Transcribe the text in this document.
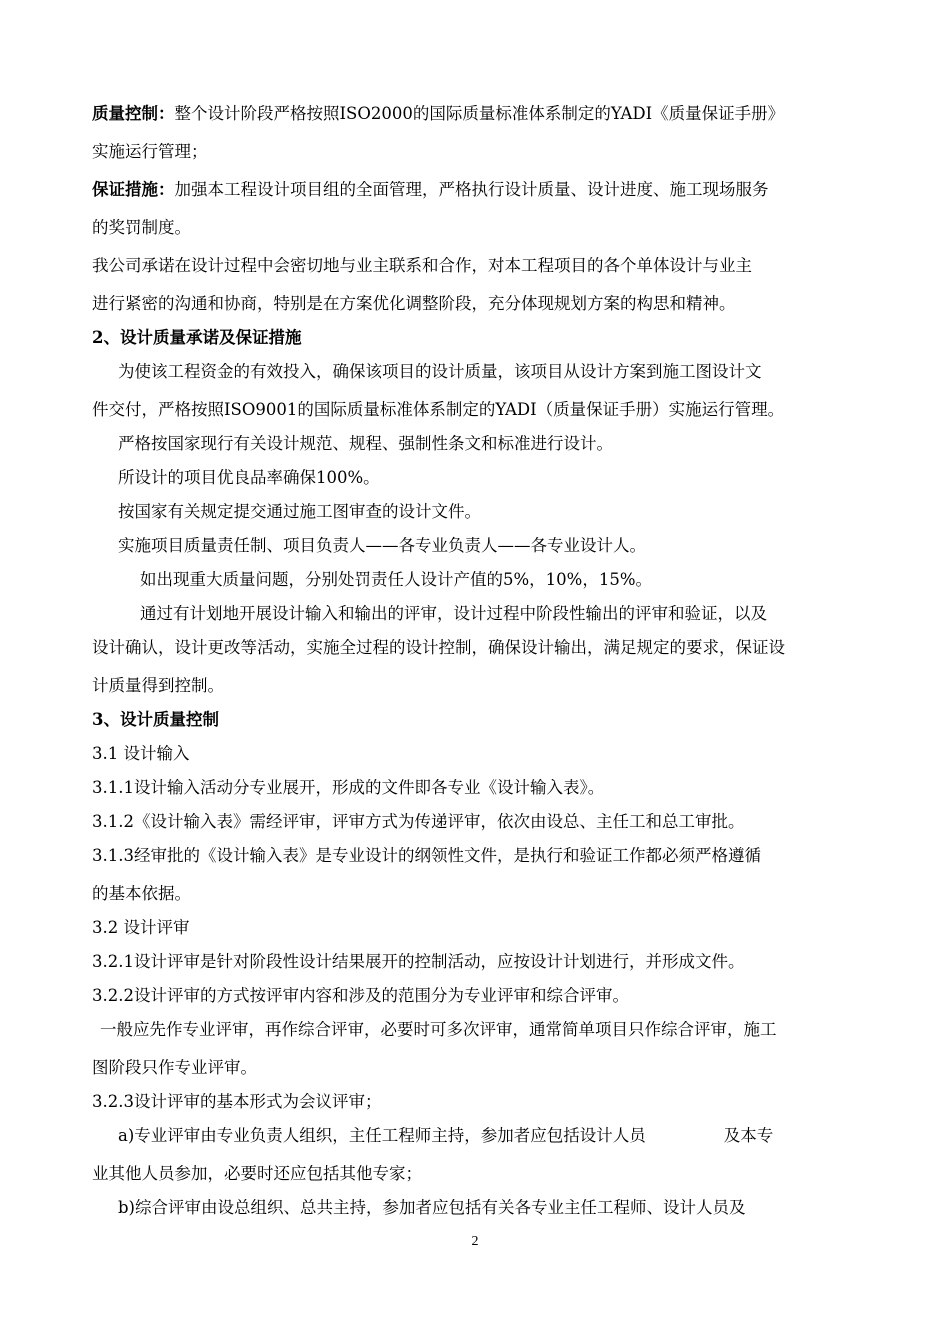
质量控制：整个设计阶段严格按照ISO2000的国际质量标准体系制定的YADI《质量保证手册》
实施运行管理；
保证措施：加强本工程设计项目组的全面管理，严格执行设计质量、设计进度、施工现场服务
的奖罚制度。
我公司承诺在设计过程中会密切地与业主联系和合作，对本工程项目的各个单体设计与业主
进行紧密的沟通和协商，特别是在方案优化调整阶段，充分体现规划方案的构思和精神。
2、设计质量承诺及保证措施
为使该工程资金的有效投入，确保该项目的设计质量，该项目从设计方案到施工图设计文
件交付，严格按照ISO9001的国际质量标准体系制定的YADI（质量保证手册）实施运行管理。
严格按国家现行有关设计规范、规程、强制性条文和标准进行设计。
所设计的项目优良品率确保100%。
按国家有关规定提交通过施工图审查的设计文件。
实施项目质量责任制、项目负责人——各专业负责人——各专业设计人。
如出现重大质量问题，分别处罚责任人设计产值的5%，10%，15%。
通过有计划地开展设计输入和输出的评审，设计过程中阶段性输出的评审和验证，以及
设计确认，设计更改等活动，实施全过程的设计控制，确保设计输出，满足规定的要求，保证设
计质量得到控制。
3、设计质量控制
3.1 设计输入
3.1.1设计输入活动分专业展开，形成的文件即各专业《设计输入表》。
3.1.2《设计输入表》需经评审，评审方式为传递评审，依次由设总、主任工和总工审批。
3.1.3经审批的《设计输入表》是专业设计的纲领性文件，是执行和验证工作都必须严格遵循
的基本依据。
3.2 设计评审
3.2.1设计评审是针对阶段性设计结果展开的控制活动，应按设计计划进行，并形成文件。
3.2.2设计评审的方式按评审内容和涉及的范围分为专业评审和综合评审。
一般应先作专业评审，再作综合评审，必要时可多次评审，通常简单项目只作综合评审，施工
图阶段只作专业评审。
3.2.3设计评审的基本形式为会议评审；
a)专业评审由专业负责人组织，主任工程师主持，参加者应包括设计人员	及本专
业其他人员参加，必要时还应包括其他专家；
b)综合评审由设总组织、总共主持，参加者应包括有关各专业主任工程师、设计人员及
2
